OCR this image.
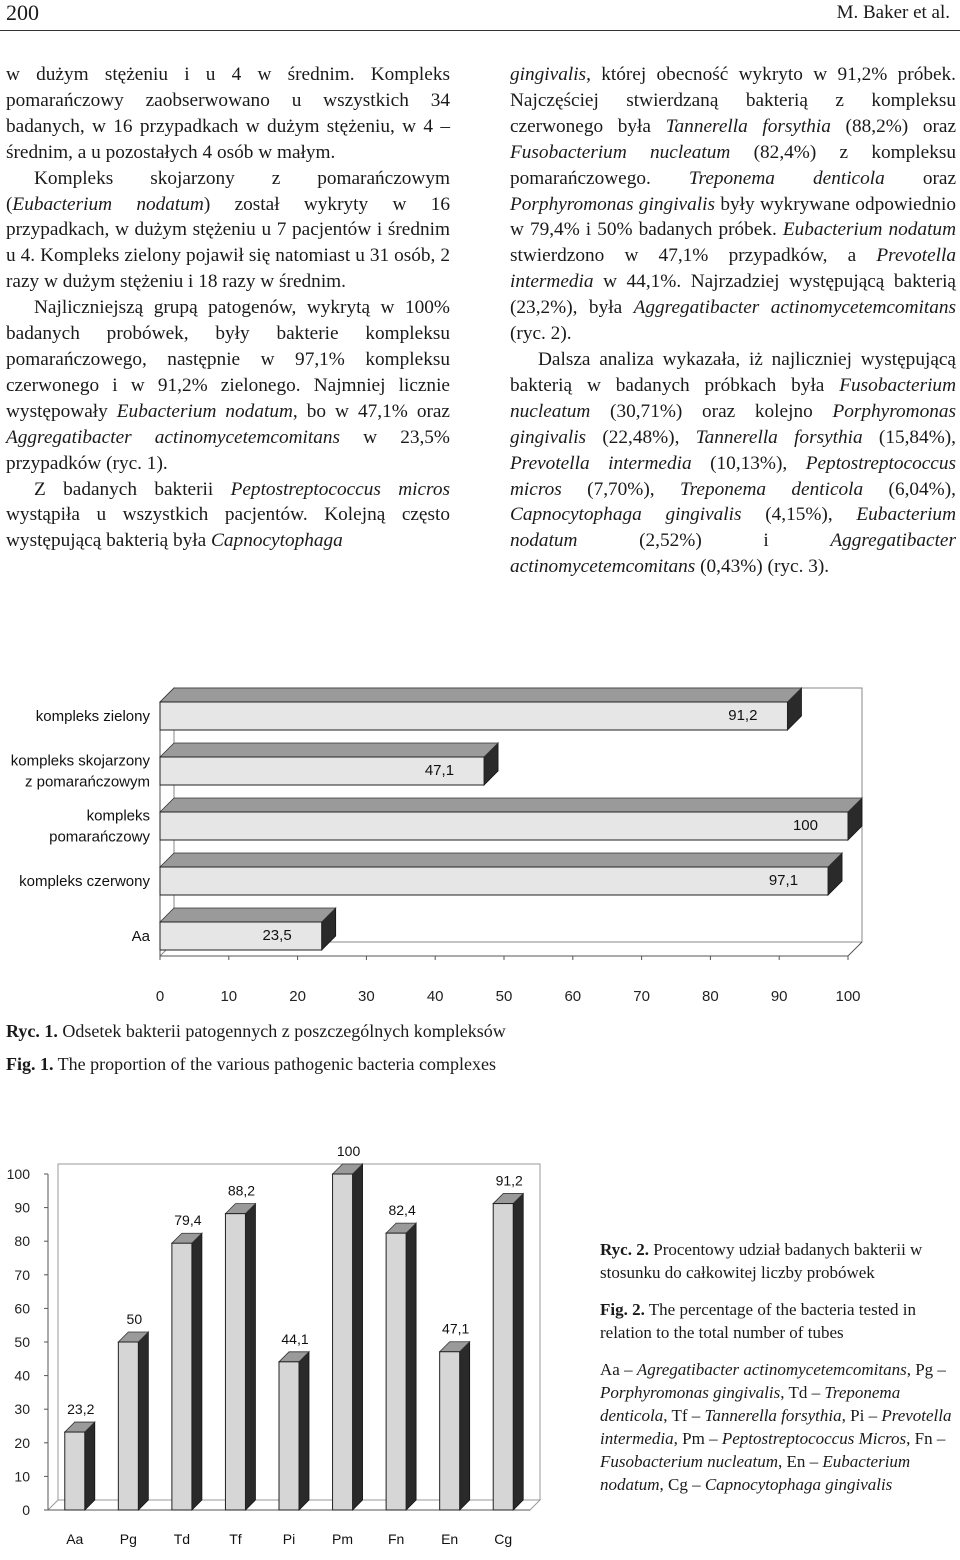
200	M. Baker et al.

w dużym stężeniu i u 4 w średnim. Kompleks pomarańczowy zaobserwowano u wszystkich 34 badanych, w 16 przypadkach w dużym stężeniu, w 4 – średnim, a u pozostałych 4 osób w małym.

Kompleks skojarzony z pomarańczowym (Eubacterium nodatum) został wykryty w 16 przypadkach, w dużym stężeniu u 7 pacjentów i średnim u 4. Kompleks zielony pojawił się natomiast u 31 osób, 2 razy w dużym stężeniu i 18 razy w średnim.

Najliczniejszą grupą patogenów, wykrytą w 100% badanych probówek, były bakterie kompleksu pomarańczowego, następnie w 97,1% kompleksu czerwonego i w 91,2% zielonego. Najmniej licznie występowały Eubacterium nodatum, bo w 47,1% oraz Aggregatibacter actinomycetemcomitans w 23,5% przypadków (ryc. 1).

Z badanych bakterii Peptostreptococcus micros wystąpiła u wszystkich pacjentów. Kolejną często występującą bakterią była Capnocytophaga

gingivalis, której obecność wykryto w 91,2% próbek. Najczęściej stwierdzaną bakterią z kompleksu czerwonego była Tannerella forsythia (88,2%) oraz Fusobacterium nucleatum (82,4%) z kompleksu pomarańczowego. Treponema denticola oraz Porphyromonas gingivalis były wykrywane odpowiednio w 79,4% i 50% badanych próbek. Eubacterium nodatum stwierdzono w 47,1% przypadków, a Prevotella intermedia w 44,1%. Najrzadziej występującą bakterią (23,2%), była Aggregatibacter actinomycetemcomitans (ryc. 2).

Dalsza analiza wykazała, iż najliczniej występującą bakterią w badanych próbkach była Fusobacterium nucleatum (30,71%) oraz kolejno Porphyromonas gingivalis (22,48%), Tannerella forsythia (15,84%), Prevotella intermedia (10,13%), Peptostreptococcus micros (7,70%), Treponema denticola (6,04%), Capnocytophaga gingivalis (4,15%), Eubacterium nodatum (2,52%) i Aggregatibacter actinomycetemcomitans (0,43%) (ryc. 3).

0	10	20	30	40	50	60	70	80	90	100
91,2
kompleks zielony
47,1
kompleks skojarzony
z pomarańczowym
100
kompleks
pomarańczowy
97,1
kompleks czerwony
23,5
Aa
Ryc. 1. Odsetek bakterii patogennych z poszczególnych kompleksów
Fig. 1. The proportion of the various pathogenic bacteria complexes
0
10
20
30
40
50
60
70
80
90
100
23,2
Aa
50
Pg
79,4
Td
88,2
Tf
44,1
Pi
100
Pm
82,4
Fn
47,1
En
91,2
Cg

Ryc. 2. Procentowy udział badanych bakterii w stosunku do całkowitej liczby probówek

Fig. 2. The percentage of the bacteria tested in relation to the total number of tubes

Aa – Agregatibacter actinomycetemcomitans, Pg – Porphyromonas gingivalis, Td – Treponema denticola, Tf – Tannerella forsythia, Pi – Prevotella intermedia, Pm – Peptostreptococcus Micros, Fn – Fusobacterium nucleatum, En – Eubacterium nodatum, Cg – Capnocytophaga gingivalis
